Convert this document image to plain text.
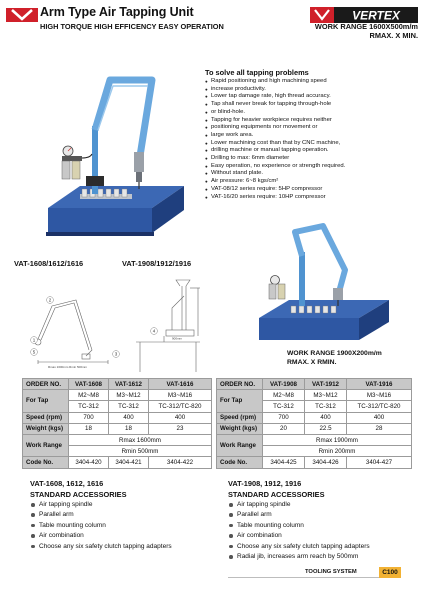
Arm Type Air Tapping Unit	VERTEX
HIGH TORQUE HIGH EFFICENCY EASY OPERATION	WORK RANGE 1600X500m/m
RMAX. X MIN.
To solve all tapping problems
● Rapid positioning and high machining speed
● increase productivity.
● Lower tap damage rate, high thread accuracy.
● Tap shall never break for tapping through-hole
● or blind-hole.
● Tapping for heavier workpiece requires neither
● positioning equipments nor movement or
● large work area.
● Lower machining cost than that by CNC machine,
● drilling machine or manual tapping operation.
● Drilling to max: 6mm diameter
● Easy operation, no experience or strength required.
● Without stand plate.
● Air pressure: 6~8 kgs/cm²
● VAT-08/12 series require: 5HP compressor
● VAT-16/20 series require: 10HP compressor
VAT-1608/1612/1616	VAT-1908/1912/1916
Rmax 1600mm Rmin 500mm
2
1
5	3
4
900mm
WORK RANGE 1900X200m/m
RMAX. X RMIN.
ORDER NO.	VAT-1608	VAT-1612	VAT-1616
For Tap	M2~M8	M3~M12	M3~M16
	TC-312	TC-312	TC-312/TC-820
Speed (rpm)	700	400	400
Weight (kgs)	18	18	23
Work Range	Rmax 1600mm		
	Rmin 500mm		
Code No.	3404-420	3404-421	3404-422
ORDER NO.	VAT-1908	VAT-1912	VAT-1916
For Tap	M2~M8	M3~M12	M3~M16
	TC-312	TC-312	TC-312/TC-820
Speed (rpm)	700	400	400
Weight (kgs)	20	22.5	28
Work Range	Rmax 1900mm		
	Rmin 200mm		
Code No.	3404-425	3404-426	3404-427
VAT-1608, 1612, 1616
STANDARD ACCESSORIES
Air tapping spindle
Parallel arm
Table mounting column
Air combination
Choose any six safety clutch tapping adapters
VAT-1908, 1912, 1916
STANDARD ACCESSORIES
Air tapping spindle
Parallel arm
Table mounting column
Air combination
Choose any six safety clutch tapping adapters
Radial jib, increases arm reach by 500mm
TOOLING SYSTEM	C100
